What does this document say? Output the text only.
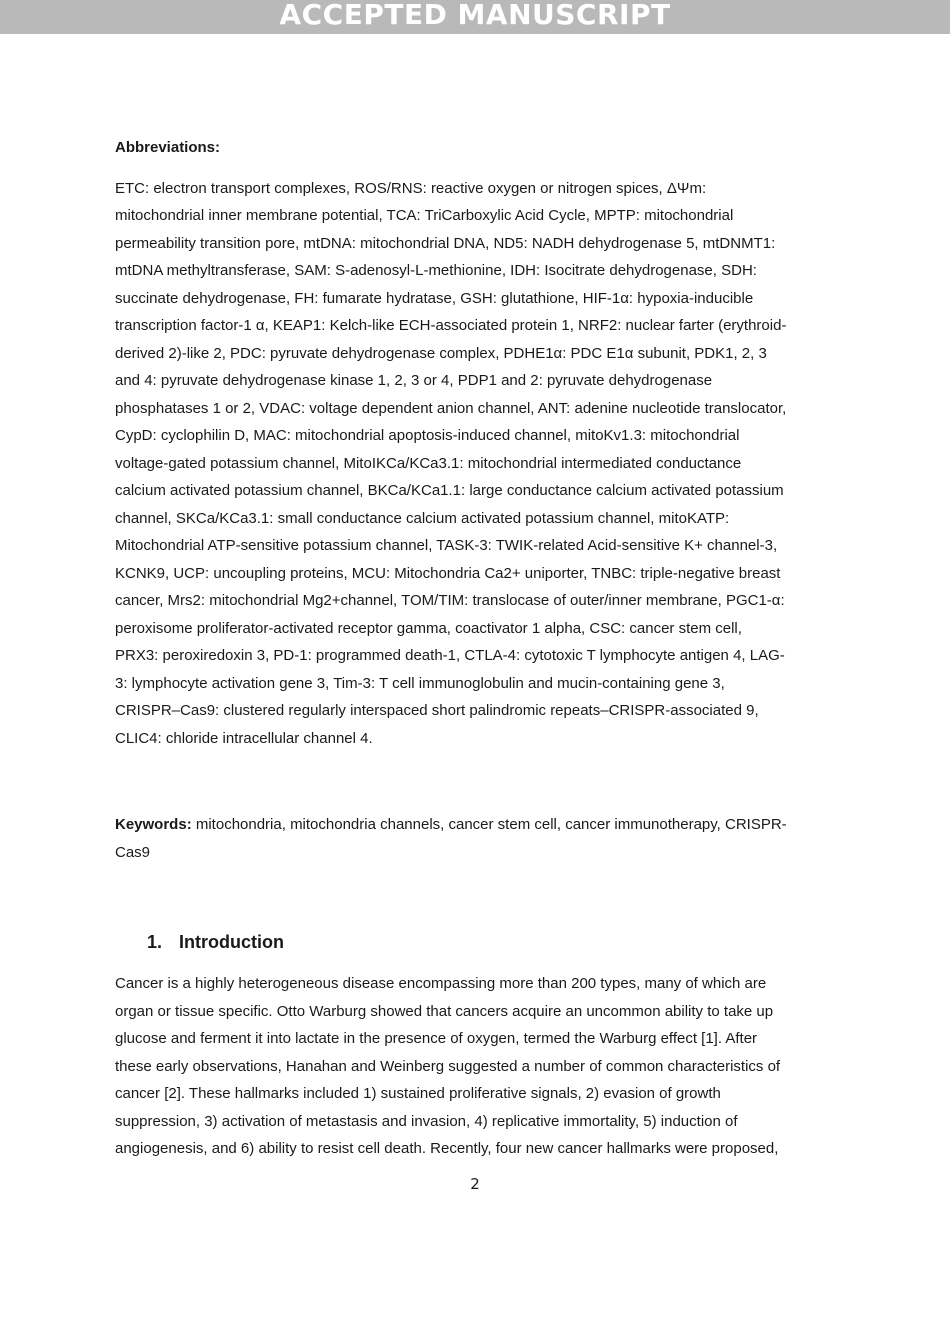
ACCEPTED MANUSCRIPT

Abbreviations:

ETC: electron transport complexes, ROS/RNS: reactive oxygen or nitrogen spices, ΔΨm:
mitochondrial inner membrane potential, TCA: TriCarboxylic Acid Cycle, MPTP: mitochondrial
permeability transition pore, mtDNA: mitochondrial DNA, ND5: NADH dehydrogenase 5, mtDNMT1:
mtDNA methyltransferase, SAM: S-adenosyl-L-methionine, IDH: Isocitrate dehydrogenase, SDH:
succinate dehydrogenase, FH: fumarate hydratase, GSH: glutathione, HIF-1α: hypoxia-inducible
transcription factor-1 α, KEAP1: Kelch-like ECH-associated protein 1, NRF2: nuclear farter (erythroid-
derived 2)-like 2, PDC: pyruvate dehydrogenase complex, PDHE1α: PDC E1α subunit, PDK1, 2, 3
and 4: pyruvate dehydrogenase kinase 1, 2, 3 or 4, PDP1 and 2: pyruvate dehydrogenase
phosphatases 1 or 2, VDAC: voltage dependent anion channel, ANT: adenine nucleotide translocator,
CypD: cyclophilin D, MAC: mitochondrial apoptosis-induced channel, mitoKv1.3: mitochondrial
voltage-gated potassium channel, MitoIKCa/KCa3.1: mitochondrial intermediated conductance
calcium activated potassium channel, BKCa/KCa1.1: large conductance calcium activated potassium
channel, SKCa/KCa3.1: small conductance calcium activated potassium channel, mitoKATP:
Mitochondrial ATP-sensitive potassium channel, TASK-3: TWIK-related Acid-sensitive K+ channel-3,
KCNK9, UCP: uncoupling proteins, MCU: Mitochondria Ca2+ uniporter, TNBC: triple-negative breast
cancer, Mrs2: mitochondrial Mg2+channel, TOM/TIM: translocase of outer/inner membrane, PGC1-α:
peroxisome proliferator-activated receptor gamma, coactivator 1 alpha, CSC: cancer stem cell,
PRX3: peroxiredoxin 3, PD-1: programmed death-1, CTLA-4: cytotoxic T lymphocyte antigen 4, LAG-
3: lymphocyte activation gene 3, Tim-3: T cell immunoglobulin and mucin-containing gene 3,
CRISPR–Cas9: clustered regularly interspaced short palindromic repeats–CRISPR-associated 9,
CLIC4: chloride intracellular channel 4.

Keywords: mitochondria, mitochondria channels, cancer stem cell, cancer immunotherapy, CRISPR-
Cas9

1. Introduction

Cancer is a highly heterogeneous disease encompassing more than 200 types, many of which are
organ or tissue specific. Otto Warburg showed that cancers acquire an uncommon ability to take up
glucose and ferment it into lactate in the presence of oxygen, termed the Warburg effect [1]. After
these early observations, Hanahan and Weinberg suggested a number of common characteristics of
cancer [2]. These hallmarks included 1) sustained proliferative signals, 2) evasion of growth
suppression, 3) activation of metastasis and invasion, 4) replicative immortality, 5) induction of
angiogenesis, and 6) ability to resist cell death. Recently, four new cancer hallmarks were proposed,

2
